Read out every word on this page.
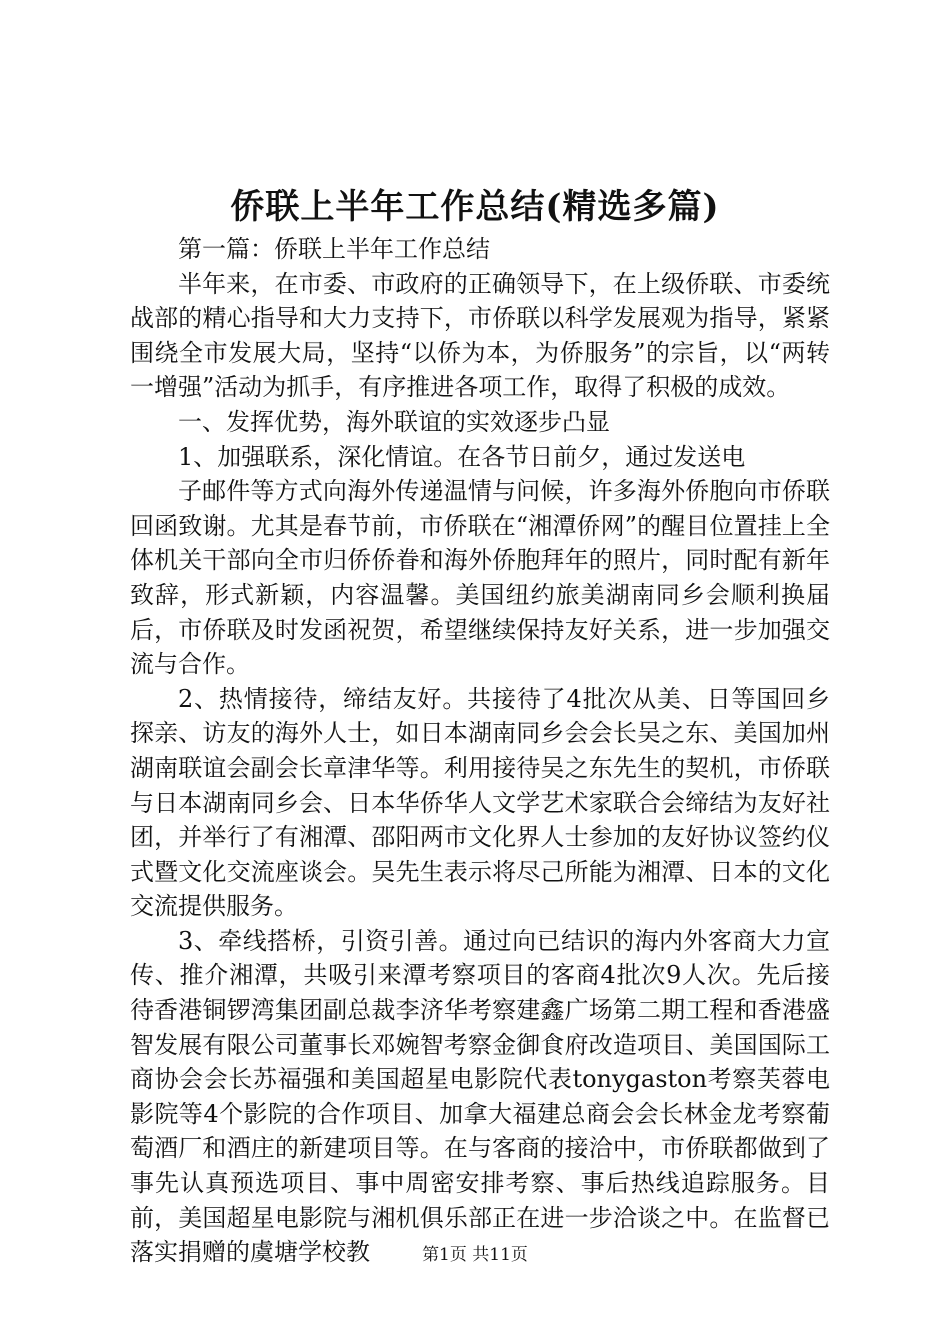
侨联上半年工作总结(精选多篇)

第一篇：侨联上半年工作总结

半年来，在市委、市政府的正确领导下，在上级侨联、市委统战部的精心指导和大力支持下，市侨联以科学发展观为指导，紧紧围绕全市发展大局，坚持“以侨为本，为侨服务”的宗旨，以“两转一增强”活动为抓手，有序推进各项工作，取得了积极的成效。

一、发挥优势，海外联谊的实效逐步凸显

1、加强联系，深化情谊。在各节日前夕，通过发送电

子邮件等方式向海外传递温情与问候，许多海外侨胞向市侨联回函致谢。尤其是春节前，市侨联在“湘潭侨网”的醒目位置挂上全体机关干部向全市归侨侨眷和海外侨胞拜年的照片，同时配有新年致辞，形式新颖，内容温馨。美国纽约旅美湖南同乡会顺利换届后，市侨联及时发函祝贺，希望继续保持友好关系，进一步加强交流与合作。

2、热情接待，缔结友好。共接待了4批次从美、日等国回乡探亲、访友的海外人士，如日本湖南同乡会会长吴之东、美国加州湖南联谊会副会长章津华等。利用接待吴之东先生的契机，市侨联与日本湖南同乡会、日本华侨华人文学艺术家联合会缔结为友好社团，并举行了有湘潭、邵阳两市文化界人士参加的友好协议签约仪式暨文化交流座谈会。吴先生表示将尽己所能为湘潭、日本的文化交流提供服务。

3、牵线搭桥，引资引善。通过向已结识的海内外客商大力宣传、推介湘潭，共吸引来潭考察项目的客商4批次9人次。先后接待香港铜锣湾集团副总裁李济华考察建鑫广场第二期工程和香港盛智发展有限公司董事长邓婉智考察金御食府改造项目、美国国际工商协会会长苏福强和美国超星电影院代表tonygaston考察芙蓉电影院等4个影院的合作项目、加拿大福建总商会会长林金龙考察葡萄酒厂和酒庄的新建项目等。在与客商的接洽中，市侨联都做到了事先认真预选项目、事中周密安排考察、事后热线追踪服务。目前，美国超星电影院与湘机俱乐部正在进一步洽谈之中。在监督已落实捐赠的虞塘学校教	第1页 共11页
